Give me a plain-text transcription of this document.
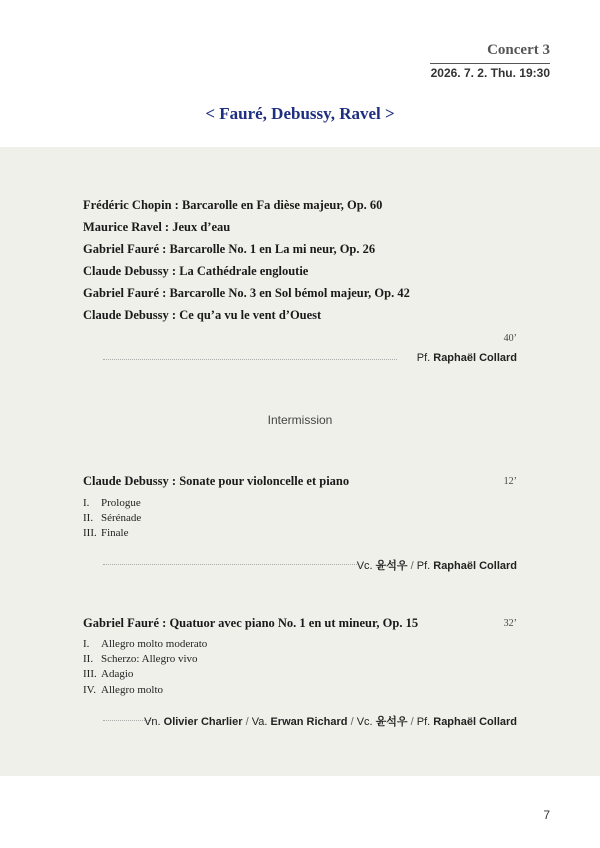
Concert 3
2026. 7. 2. Thu. 19:30
< Fauré, Debussy, Ravel >
Frédéric Chopin : Barcarolle en Fa dièse majeur, Op. 60
Maurice Ravel : Jeux d’eau
Gabriel Fauré : Barcarolle No. 1 en La mi neur, Op. 26
Claude Debussy : La Cathédrale engloutie
Gabriel Fauré : Barcarolle No. 3 en Sol bémol majeur, Op. 42
Claude Debussy : Ce qu’a vu le vent d’Ouest
40’
Pf. Raphaël Collard
Intermission
Claude Debussy : Sonate pour violoncelle et piano	12’
I. Prologue
II. Sérénade
III. Finale
Vc. 윤석우 / Pf. Raphaël Collard
Gabriel Fauré : Quatuor avec piano No. 1 en ut mineur, Op. 15	32’
I. Allegro molto moderato
II. Scherzo: Allegro vivo
III. Adagio
IV. Allegro molto
Vn. Olivier Charlier / Va. Erwan Richard / Vc. 윤석우 / Pf. Raphaël Collard
7
